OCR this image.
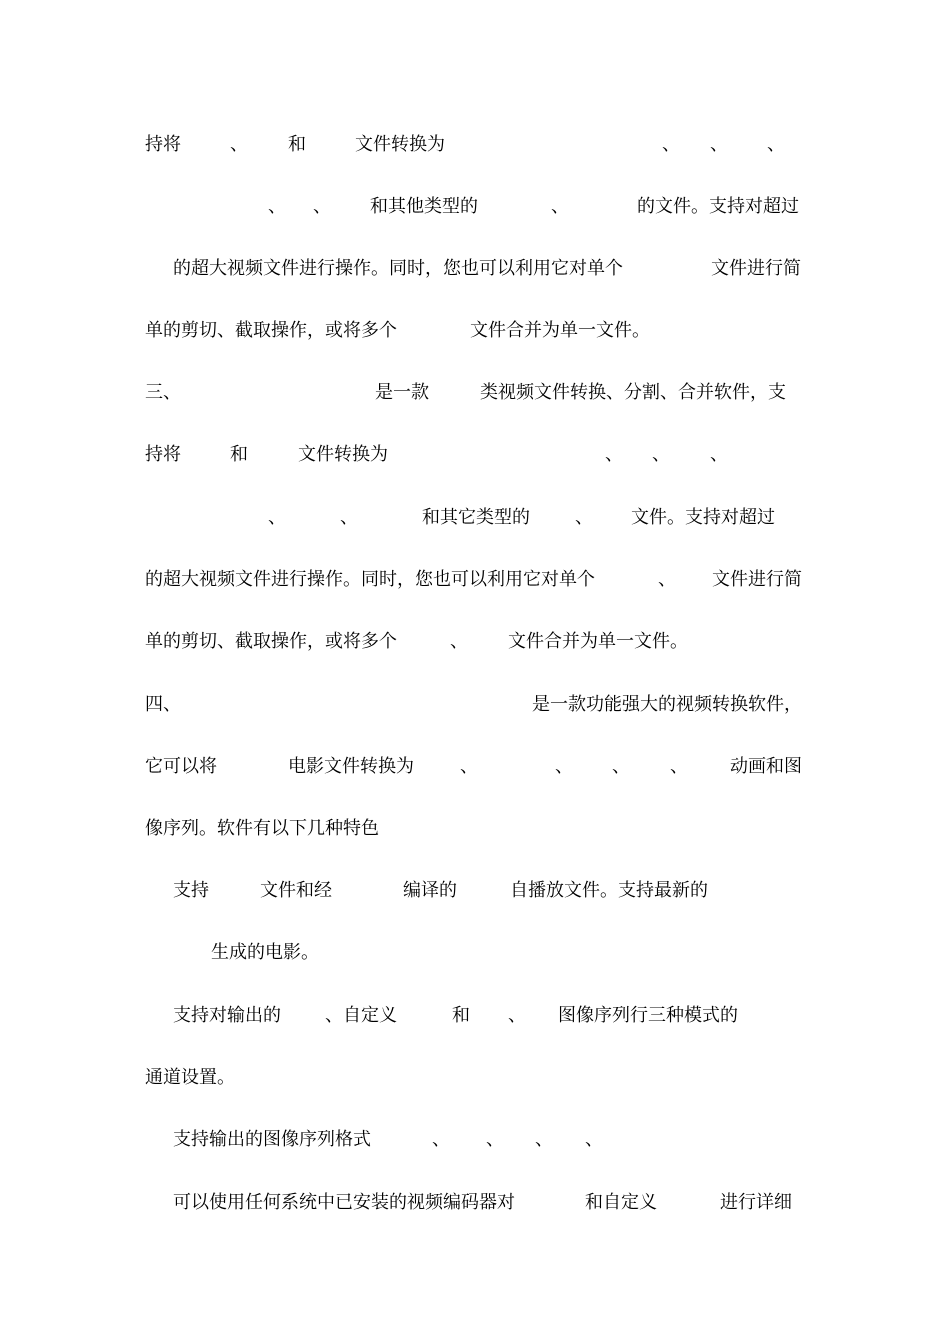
持将	、 和	文件转换为	、 、 、
、 、 和其他类型的	、	的文件。支持对超过
的超大视频文件进行操作。同时，您也可以利用它对单个	文件进行简
单的剪切、截取操作，或将多个	文件合并为单一文件。
三、	是一款	类视频文件转换、分割、合并软件，支
持将	和	文件转换为	、 、 、
、	、	和其它类型的	、 文件。支持对超过
的超大视频文件进行操作。同时，您也可以利用它对单个	、 文件进行简
单的剪切、截取操作，或将多个	、 文件合并为单一文件。
四、	是一款功能强大的视频转换软件，
它可以将	电影文件转换为	、	、 、 、 动画和图
像序列。软件有以下几种特色
支持	文件和经	编译的	自播放文件。支持最新的
生成的电影。
支持对输出的 、自定义	和 、 图像序列行三种模式的
通道设置。
支持输出的图像序列格式	、 、 、 、
可以使用任何系统中已安装的视频编码器对	和自定义	进行详细
